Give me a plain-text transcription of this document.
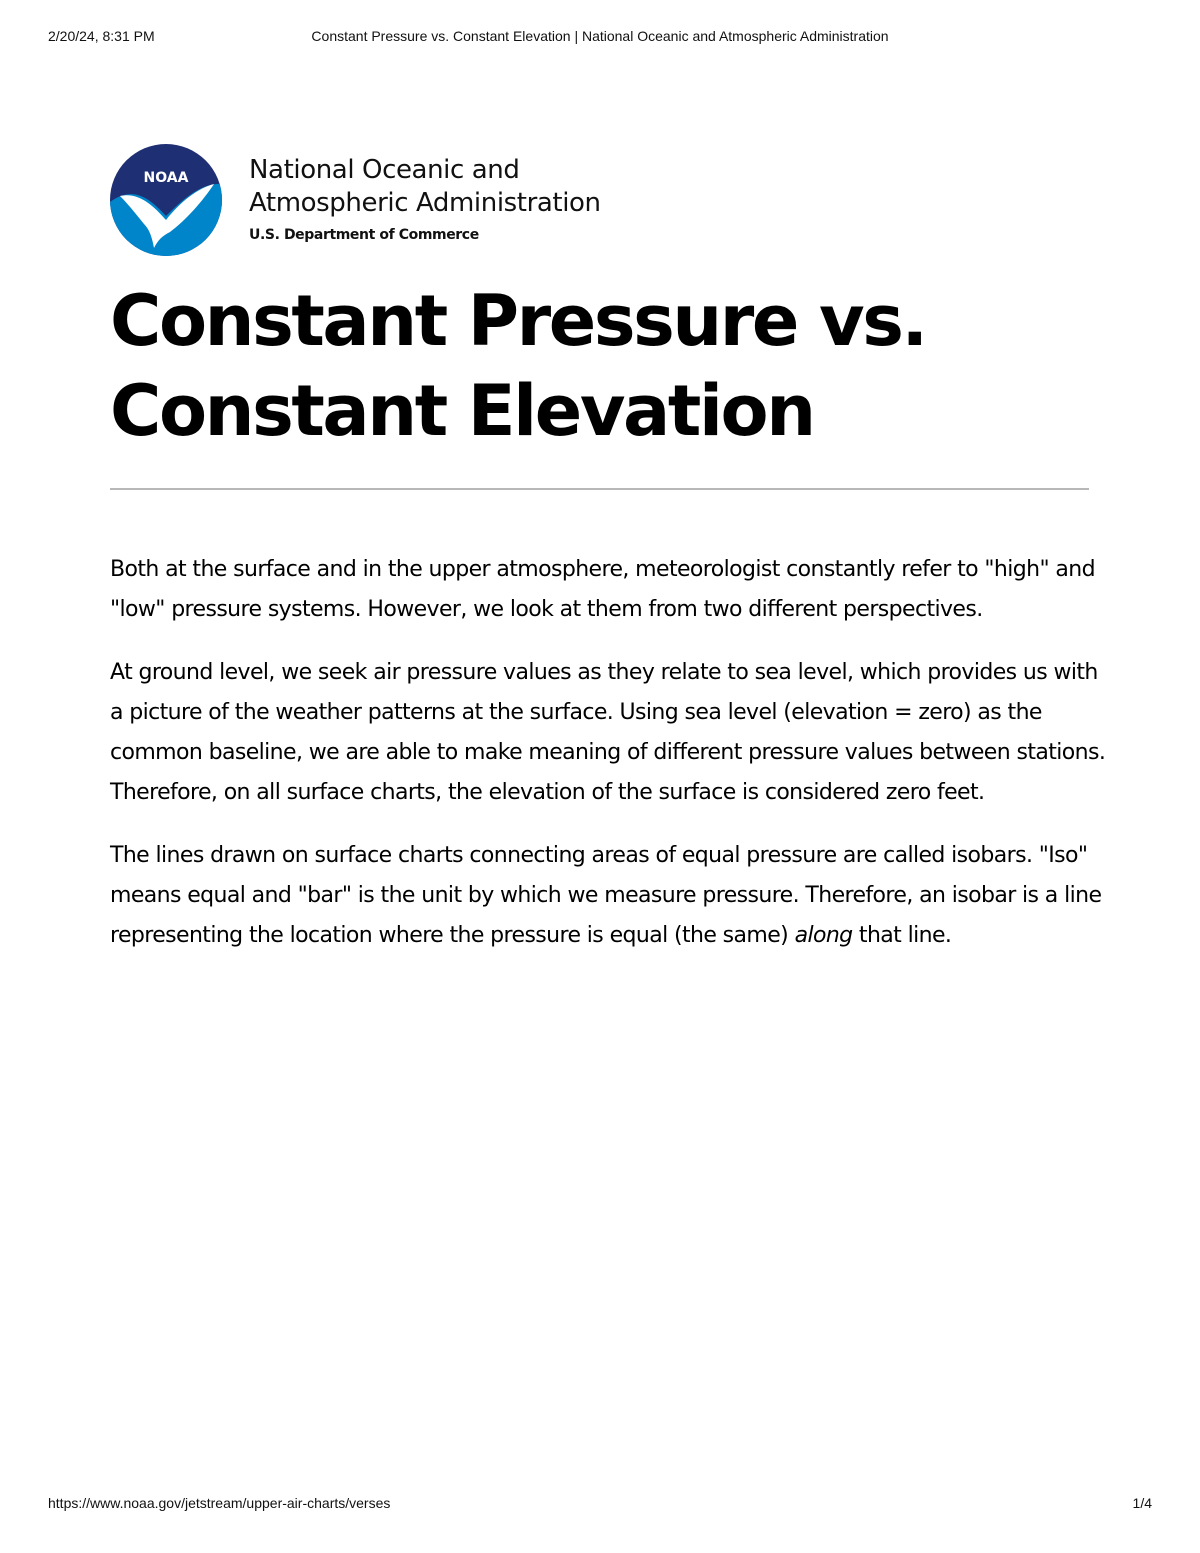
2/20/24, 8:31 PM	Constant Pressure vs. Constant Elevation | National Oceanic and Atmospheric Administration
NOAA National Oceanic and
Atmospheric Administration
U.S. Department of Commerce
Constant Pressure vs.
Constant Elevation

Both at the surface and in the upper atmosphere, meteorologist constantly refer to "high" and "low" pressure systems. However, we look at them from two different perspectives.

At ground level, we seek air pressure values as they relate to sea level, which provides us with a picture of the weather patterns at the surface. Using sea level (elevation = zero) as the common baseline, we are able to make meaning of different pressure values between stations. Therefore, on all surface charts, the elevation of the surface is considered zero feet.

The lines drawn on surface charts connecting areas of equal pressure are called isobars. "Iso" means equal and "bar" is the unit by which we measure pressure. Therefore, an isobar is a line representing the location where the pressure is equal (the same) along that line.

https://www.noaa.gov/jetstream/upper-air-charts/verses	1/4
